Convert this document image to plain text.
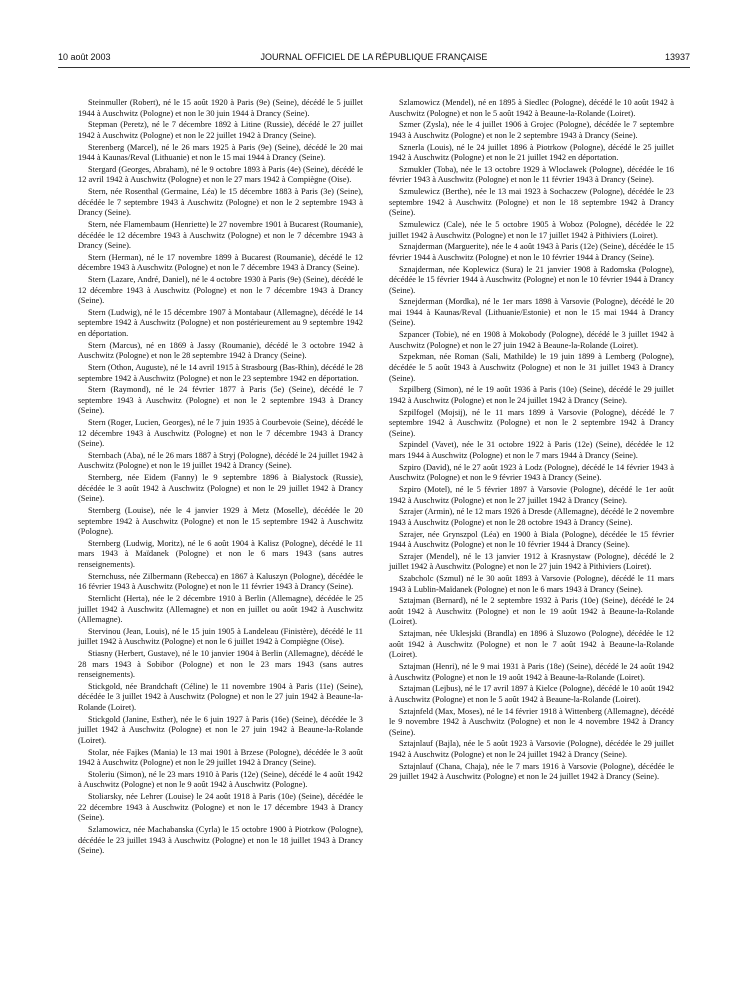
10 août 2003	JOURNAL OFFICIEL DE LA RÉPUBLIQUE FRANÇAISE	13937

Steinmuller (Robert), né le 15 août 1920 à Paris (9e) (Seine), décédé le 5 juillet 1944 à Auschwitz (Pologne) et non le 30 juin 1944 à Drancy (Seine).

Stepman (Peretz), né le 7 décembre 1892 à Litine (Russie), décédé le 27 juillet 1942 à Auschwitz (Pologne) et non le 22 juillet 1942 à Drancy (Seine).

Sterenberg (Marcel), né le 26 mars 1925 à Paris (9e) (Seine), décédé le 20 mai 1944 à Kaunas/Reval (Lithuanie) et non le 15 mai 1944 à Drancy (Seine).

Stergard (Georges, Abraham), né le 9 octobre 1893 à Paris (4e) (Seine), décédé le 12 avril 1942 à Auschwitz (Pologne) et non le 27 mars 1942 à Compiègne (Oise).

Stern, née Rosenthal (Germaine, Léa) le 15 décembre 1883 à Paris (3e) (Seine), décédée le 7 septembre 1943 à Auschwitz (Pologne) et non le 2 septembre 1943 à Drancy (Seine).

Stern, née Flamembaum (Henriette) le 27 novembre 1901 à Bucarest (Roumanie), décédée le 12 décembre 1943 à Auschwitz (Pologne) et non le 7 décembre 1943 à Drancy (Seine).

Stern (Herman), né le 17 novembre 1899 à Bucarest (Roumanie), décédé le 12 décembre 1943 à Auschwitz (Pologne) et non le 7 décembre 1943 à Drancy (Seine).

Stern (Lazare, André, Daniel), né le 4 octobre 1930 à Paris (9e) (Seine), décédé le 12 décembre 1943 à Auschwitz (Pologne) et non le 7 décembre 1943 à Drancy (Seine).

Stern (Ludwig), né le 15 décembre 1907 à Montabaur (Allemagne), décédé le 14 septembre 1942 à Auschwitz (Pologne) et non postérieurement au 9 septembre 1942 en déportation.

Stern (Marcus), né en 1869 à Jassy (Roumanie), décédé le 3 octobre 1942 à Auschwitz (Pologne) et non le 28 septembre 1942 à Drancy (Seine).

Stern (Othon, Auguste), né le 14 avril 1915 à Strasbourg (Bas-Rhin), décédé le 28 septembre 1942 à Auschwitz (Pologne) et non le 23 septembre 1942 en déportation.

Stern (Raymond), né le 24 février 1877 à Paris (5e) (Seine), décédé le 7 septembre 1943 à Auschwitz (Pologne) et non le 2 septembre 1943 à Drancy (Seine).

Stern (Roger, Lucien, Georges), né le 7 juin 1935 à Courbevoie (Seine), décédé le 12 décembre 1943 à Auschwitz (Pologne) et non le 7 décembre 1943 à Drancy (Seine).

Sternbach (Aba), né le 26 mars 1887 à Stryj (Pologne), décédé le 24 juillet 1942 à Auschwitz (Pologne) et non le 19 juillet 1942 à Drancy (Seine).

Sternberg, née Eidem (Fanny) le 9 septembre 1896 à Bialystock (Russie), décédée le 3 août 1942 à Auschwitz (Pologne) et non le 29 juillet 1942 à Drancy (Seine).

Sternberg (Louise), née le 4 janvier 1929 à Metz (Moselle), décédée le 20 septembre 1942 à Auschwitz (Pologne) et non le 15 septembre 1942 à Auschwitz (Pologne).

Sternberg (Ludwig, Moritz), né le 6 août 1904 à Kalisz (Pologne), décédé le 11 mars 1943 à Maïdanek (Pologne) et non le 6 mars 1943 (sans autres renseignements).

Sternchuss, née Zilbermann (Rebecca) en 1867 à Kaluszyn (Pologne), décédée le 16 février 1943 à Auschwitz (Pologne) et non le 11 février 1943 à Drancy (Seine).

Sternlicht (Herta), née le 2 décembre 1910 à Berlin (Allemagne), décédée le 25 juillet 1942 à Auschwitz (Allemagne) et non en juillet ou août 1942 à Auschwitz (Allemagne).

Stervinou (Jean, Louis), né le 15 juin 1905 à Landeleau (Finistère), décédé le 11 juillet 1942 à Auschwitz (Pologne) et non le 6 juillet 1942 à Compiègne (Oise).

Stiasny (Herbert, Gustave), né le 10 janvier 1904 à Berlin (Allemagne), décédé le 28 mars 1943 à Sobibor (Pologne) et non le 23 mars 1943 (sans autres renseignements).

Stickgold, née Brandchaft (Céline) le 11 novembre 1904 à Paris (11e) (Seine), décédée le 3 juillet 1942 à Auschwitz (Pologne) et non le 27 juin 1942 à Beaune-la-Rolande (Loiret).

Stickgold (Janine, Esther), née le 6 juin 1927 à Paris (16e) (Seine), décédée le 3 juillet 1942 à Auschwitz (Pologne) et non le 27 juin 1942 à Beaune-la-Rolande (Loiret).

Stolar, née Fajkes (Mania) le 13 mai 1901 à Brzese (Pologne), décédée le 3 août 1942 à Auschwitz (Pologne) et non le 29 juillet 1942 à Drancy (Seine).

Stoleriu (Simon), né le 23 mars 1910 à Paris (12e) (Seine), décédé le 4 août 1942 à Auschwitz (Pologne) et non le 9 août 1942 à Auschwitz (Pologne).

Stoliarsky, née Lehrer (Louise) le 24 août 1918 à Paris (10e) (Seine), décédée le 22 décembre 1943 à Auschwitz (Pologne) et non le 17 décembre 1943 à Drancy (Seine).

Szlamowicz, née Machabanska (Cyrla) le 15 octobre 1900 à Piotrkow (Pologne), décédée le 23 juillet 1943 à Auschwitz (Pologne) et non le 18 juillet 1943 à Drancy (Seine).

Szlamowicz (Mendel), né en 1895 à Siedlec (Pologne), décédé le 10 août 1942 à Auschwitz (Pologne) et non le 5 août 1942 à Beaune-la-Rolande (Loiret).

Szmer (Zysla), née le 4 juillet 1906 à Grojec (Pologne), décédée le 7 septembre 1943 à Auschwitz (Pologne) et non le 2 septembre 1943 à Drancy (Seine).

Sznerla (Louis), né le 24 juillet 1896 à Piotrkow (Pologne), décédé le 25 juillet 1942 à Auschwitz (Pologne) et non le 21 juillet 1942 en déportation.

Szmukler (Toba), née le 13 octobre 1929 à Wloclawek (Pologne), décédée le 16 février 1943 à Auschwitz (Pologne) et non le 11 février 1943 à Drancy (Seine).

Szmulewicz (Berthe), née le 13 mai 1923 à Sochaczew (Pologne), décédée le 23 septembre 1942 à Auschwitz (Pologne) et non le 18 septembre 1942 à Drancy (Seine).

Szmulewicz (Cale), née le 5 octobre 1905 à Woboz (Pologne), décédée le 22 juillet 1942 à Auschwitz (Pologne) et non le 17 juillet 1942 à Pithiviers (Loiret).

Sznajderman (Marguerite), née le 4 août 1943 à Paris (12e) (Seine), décédée le 15 février 1944 à Auschwitz (Pologne) et non le 10 février 1944 à Drancy (Seine).

Sznajderman, née Koplewicz (Sura) le 21 janvier 1908 à Radomska (Pologne), décédée le 15 février 1944 à Auschwitz (Pologne) et non le 10 février 1944 à Drancy (Seine).

Sznejderman (Mordka), né le 1er mars 1898 à Varsovie (Pologne), décédé le 20 mai 1944 à Kaunas/Reval (Lithuanie/Estonie) et non le 15 mai 1944 à Drancy (Seine).

Szpancer (Tobie), né en 1908 à Mokobody (Pologne), décédé le 3 juillet 1942 à Auschwitz (Pologne) et non le 27 juin 1942 à Beaune-la-Rolande (Loiret).

Szpekman, née Roman (Sali, Mathilde) le 19 juin 1899 à Lemberg (Pologne), décédée le 5 août 1943 à Auschwitz (Pologne) et non le 31 juillet 1943 à Drancy (Seine).

Szpilberg (Simon), né le 19 août 1936 à Paris (10e) (Seine), décédé le 29 juillet 1942 à Auschwitz (Pologne) et non le 24 juillet 1942 à Drancy (Seine).

Szpilfogel (Mojsij), né le 11 mars 1899 à Varsovie (Pologne), décédé le 7 septembre 1942 à Auschwitz (Pologne) et non le 2 septembre 1942 à Drancy (Seine).

Szpindel (Vavet), née le 31 octobre 1922 à Paris (12e) (Seine), décédée le 12 mars 1944 à Auschwitz (Pologne) et non le 7 mars 1944 à Drancy (Seine).

Szpiro (David), né le 27 août 1923 à Lodz (Pologne), décédé le 14 février 1943 à Auschwitz (Pologne) et non le 9 février 1943 à Drancy (Seine).

Szpiro (Motel), né le 5 février 1897 à Varsovie (Pologne), décédé le 1er août 1942 à Auschwitz (Pologne) et non le 27 juillet 1942 à Drancy (Seine).

Szrajer (Armin), né le 12 mars 1926 à Dresde (Allemagne), décédé le 2 novembre 1943 à Auschwitz (Pologne) et non le 28 octobre 1943 à Drancy (Seine).

Szrajer, née Grynszpol (Léa) en 1900 à Biala (Pologne), décédée le 15 février 1944 à Auschwitz (Pologne) et non le 10 février 1944 à Drancy (Seine).

Szrajer (Mendel), né le 13 janvier 1912 à Krasnystaw (Pologne), décédé le 2 juillet 1942 à Auschwitz (Pologne) et non le 27 juin 1942 à Pithiviers (Loiret).

Szabcholc (Szmul) né le 30 août 1893 à Varsovie (Pologne), décédé le 11 mars 1943 à Lublin-Maïdanek (Pologne) et non le 6 mars 1943 à Drancy (Seine).

Sztajman (Bernard), né le 2 septembre 1932 à Paris (10e) (Seine), décédé le 24 août 1942 à Auschwitz (Pologne) et non le 19 août 1942 à Beaune-la-Rolande (Loiret).

Sztajman, née Uklesjski (Brandla) en 1896 à Sluzowo (Pologne), décédée le 12 août 1942 à Auschwitz (Pologne) et non le 7 août 1942 à Beaune-la-Rolande (Loiret).

Sztajman (Henri), né le 9 mai 1931 à Paris (18e) (Seine), décédé le 24 août 1942 à Auschwitz (Pologne) et non le 19 août 1942 à Beaune-la-Rolande (Loiret).

Sztajman (Lejbus), né le 17 avril 1897 à Kielce (Pologne), décédé le 10 août 1942 à Auschwitz (Pologne) et non le 5 août 1942 à Beaune-la-Rolande (Loiret).

Sztajnfeld (Max, Moses), né le 14 février 1918 à Wittenberg (Allemagne), décédé le 9 novembre 1942 à Auschwitz (Pologne) et non le 4 novembre 1942 à Drancy (Seine).

Sztajnlauf (Bajla), née le 5 août 1923 à Varsovie (Pologne), décédée le 29 juillet 1942 à Auschwitz (Pologne) et non le 24 juillet 1942 à Drancy (Seine).

Sztajnlauf (Chana, Chaja), née le 7 mars 1916 à Varsovie (Pologne), décédée le 29 juillet 1942 à Auschwitz (Pologne) et non le 24 juillet 1942 à Drancy (Seine).
